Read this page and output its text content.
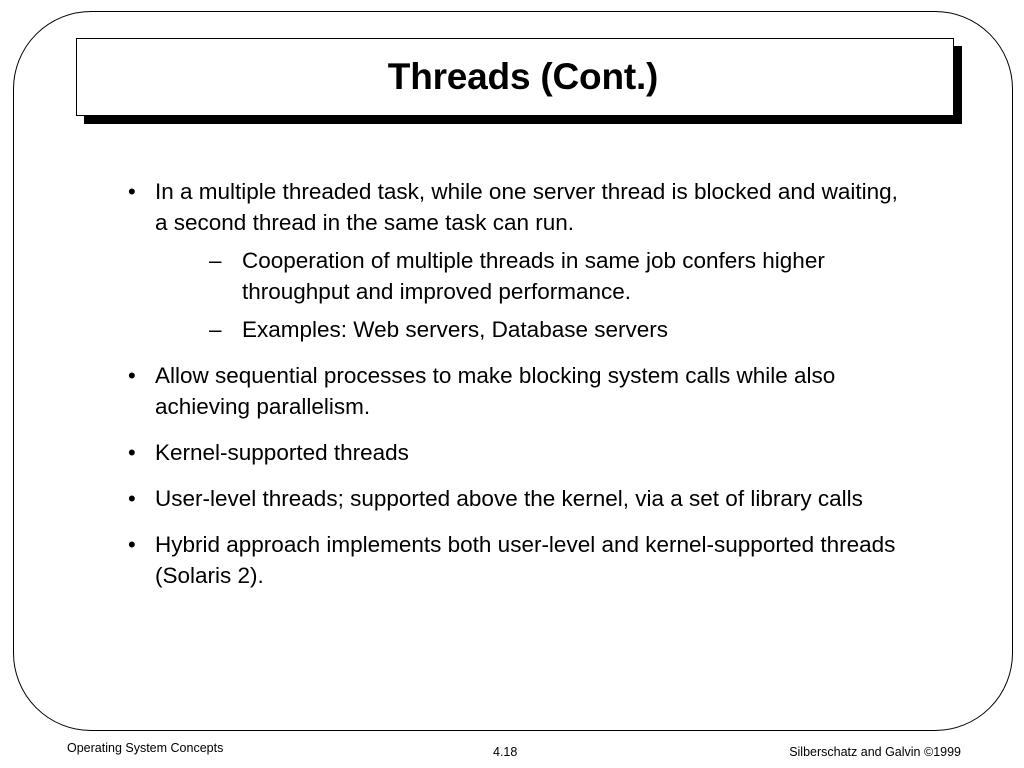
Threads (Cont.)
• In a multiple threaded task, while one server thread is blocked and waiting, a second thread in the same task can run.
– Cooperation of multiple threads in same job confers higher throughput and improved performance.
– Examples: Web servers, Database servers
• Allow sequential processes to make blocking system calls while also achieving parallelism.
• Kernel-supported threads
• User-level threads; supported above the kernel, via a set of library calls
• Hybrid approach implements both user-level and kernel-supported threads (Solaris 2).
Operating System Concepts	4.18	Silberschatz and Galvin ©1999
